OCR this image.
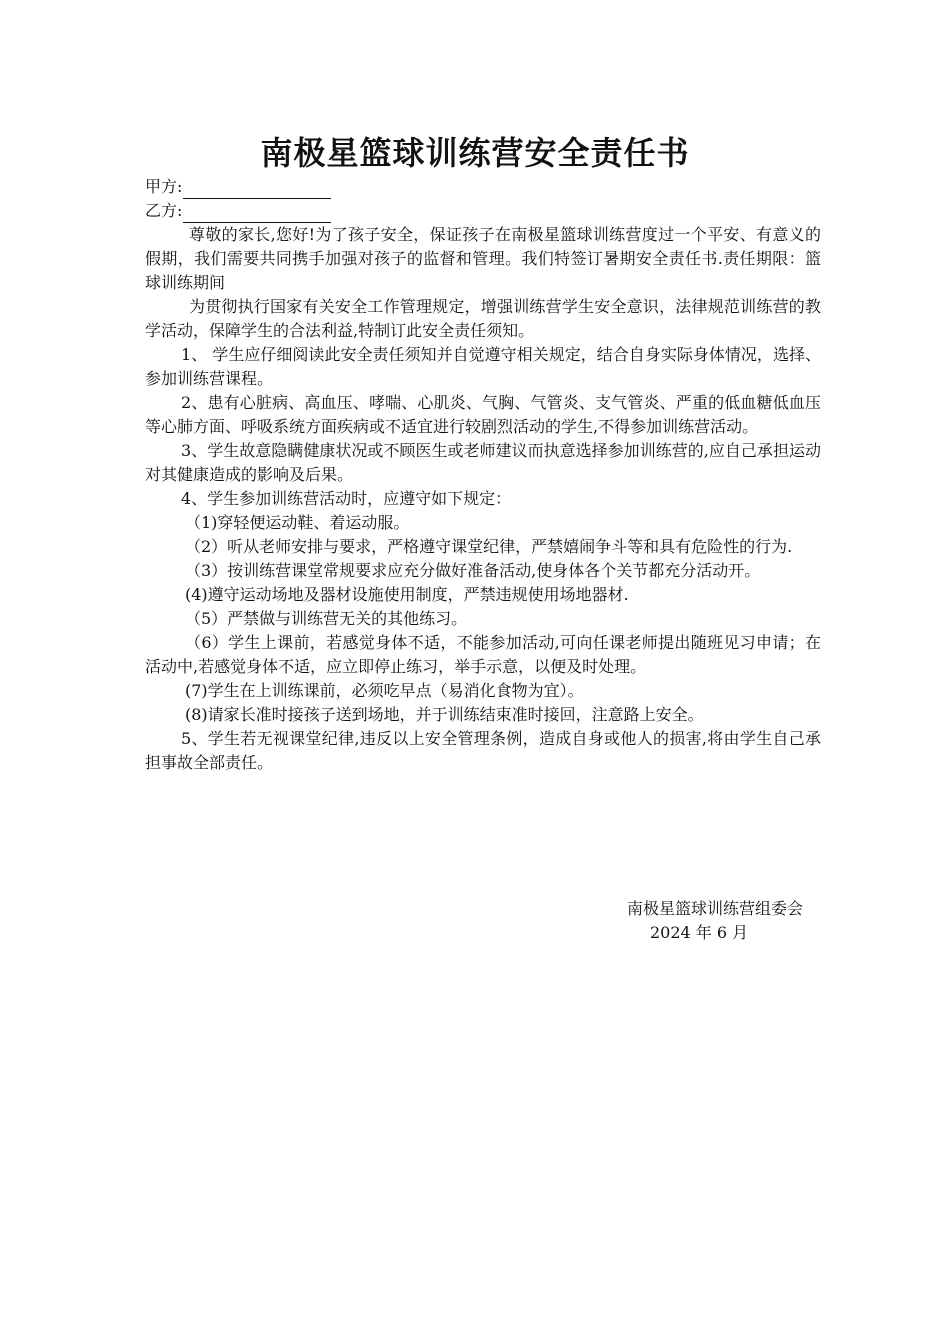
南极星篮球训练营安全责任书
甲方:
乙方:

尊敬的家长,您好!为了孩子安全，保证孩子在南极星篮球训练营度过一个平安、有意义的假期，我们需要共同携手加强对孩子的监督和管理。我们特签订暑期安全责任书.责任期限：篮球训练期间

为贯彻执行国家有关安全工作管理规定，增强训练营学生安全意识，法律规范训练营的教学活动，保障学生的合法利益,特制订此安全责任须知。

1、 学生应仔细阅读此安全责任须知并自觉遵守相关规定，结合自身实际身体情况，选择、参加训练营课程。

2、患有心脏病、高血压、哮喘、心肌炎、气胸、气管炎、支气管炎、严重的低血糖低血压等心肺方面、呼吸系统方面疾病或不适宜进行较剧烈活动的学生,不得参加训练营活动。

3、学生故意隐瞒健康状况或不顾医生或老师建议而执意选择参加训练营的,应自己承担运动对其健康造成的影响及后果。

4、学生参加训练营活动时，应遵守如下规定：

（1)穿轻便运动鞋、着运动服。

（2）听从老师安排与要求，严格遵守课堂纪律，严禁嬉闹争斗等和具有危险性的行为.

（3）按训练营课堂常规要求应充分做好准备活动,使身体各个关节都充分活动开。

(4)遵守运动场地及器材设施使用制度，严禁违规使用场地器材.

（5）严禁做与训练营无关的其他练习。

（6）学生上课前，若感觉身体不适，不能参加活动,可向任课老师提出随班见习申请；在活动中,若感觉身体不适，应立即停止练习，举手示意，以便及时处理。

(7)学生在上训练课前，必须吃早点（易消化食物为宜）。

(8)请家长准时接孩子送到场地，并于训练结束准时接回，注意路上安全。

5、学生若无视课堂纪律,违反以上安全管理条例，造成自身或他人的损害,将由学生自己承担事故全部责任。

南极星篮球训练营组委会
2024 年 6 月
